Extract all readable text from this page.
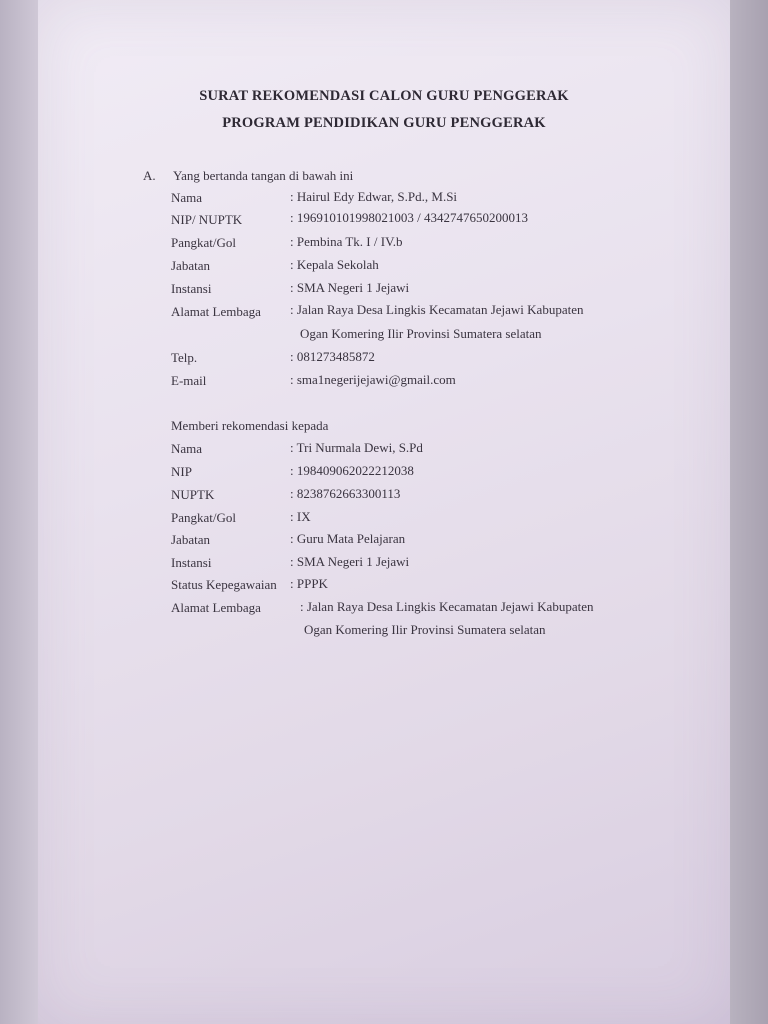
SURAT REKOMENDASI CALON GURU PENGGERAK
PROGRAM PENDIDIKAN GURU PENGGERAK
A. Yang bertanda tangan di bawah ini
Nama	: Hairul Edy Edwar, S.Pd., M.Si
NIP/ NUPTK	: 196910101998021003 / 4342747650200013
Pangkat/Gol	: Pembina Tk. I / IV.b
Jabatan	: Kepala Sekolah
Instansi	: SMA Negeri 1 Jejawi
Alamat Lembaga : Jalan Raya Desa Lingkis Kecamatan Jejawi Kabupaten
Ogan Komering Ilir Provinsi Sumatera selatan
Telp.	: 081273485872
E-mail	: sma1negerijejawi@gmail.com
Memberi rekomendasi kepada
Nama	: Tri Nurmala Dewi, S.Pd
NIP	: 198409062022212038
NUPTK	: 8238762663300113
Pangkat/Gol	: IX
Jabatan	: Guru Mata Pelajaran
Instansi	: SMA Negeri 1 Jejawi
Status Kepegawaian : PPPK
Alamat Lembaga	: Jalan Raya Desa Lingkis Kecamatan Jejawi Kabupaten
Ogan Komering Ilir Provinsi Sumatera selatan
